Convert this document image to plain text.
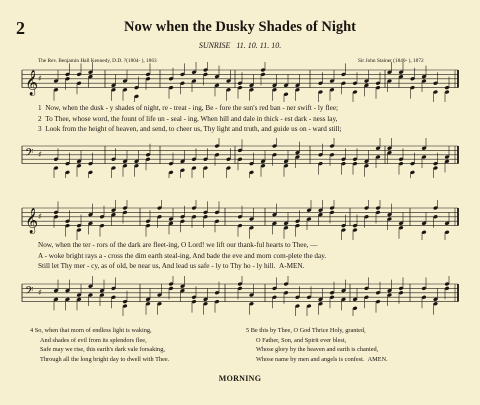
2	Now when the Dusky Shades of Night
SUNRISE 11. 10. 11. 10.
The Rev. Benjamin Hall Kennedy, D.D. ?(1804- ), 1863	Sir John Stainer (1840- ), 1872
𝄞 ♯
1 Now, when the dusk - y shades of night, re - treat - ing, Be - fore the sun's red ban - ner swift - ly flee;
2 To Thee, whose word, the fount of life un - seal - ing, When hill and dale in thick - est dark - ness lay,
3 Look from the height of heaven, and send, to cheer us, Thy light and truth, and guide us on - ward still;
𝄢 ♯
𝄞 ♯
Now, when the ter - rors of the dark are fleet-ing, O Lord! we lift our thank-ful hearts to Thee, —
A - woke bright rays a - cross the dim earth steal-ing, And bade the eve and morn com-plete the day.
Still let Thy mer - cy, as of old, be near us, And lead us safe - ly to Thy ho - ly hill. A-MEN.
𝄢 ♯
4 So, when that morn of endless light is waking,
And shades of evil from its splendors flee,
Safe may we rise, this earth's dark vale forsaking,
Through all the long bright day to dwell with Thee.
5 Be this by Thee, O God Thrice Holy, granted,
O Father, Son, and Spirit ever blest,
Whose glory by the heaven and earth is chanted,
Whose name by men and angels is confest. AMEN.
MORNING
